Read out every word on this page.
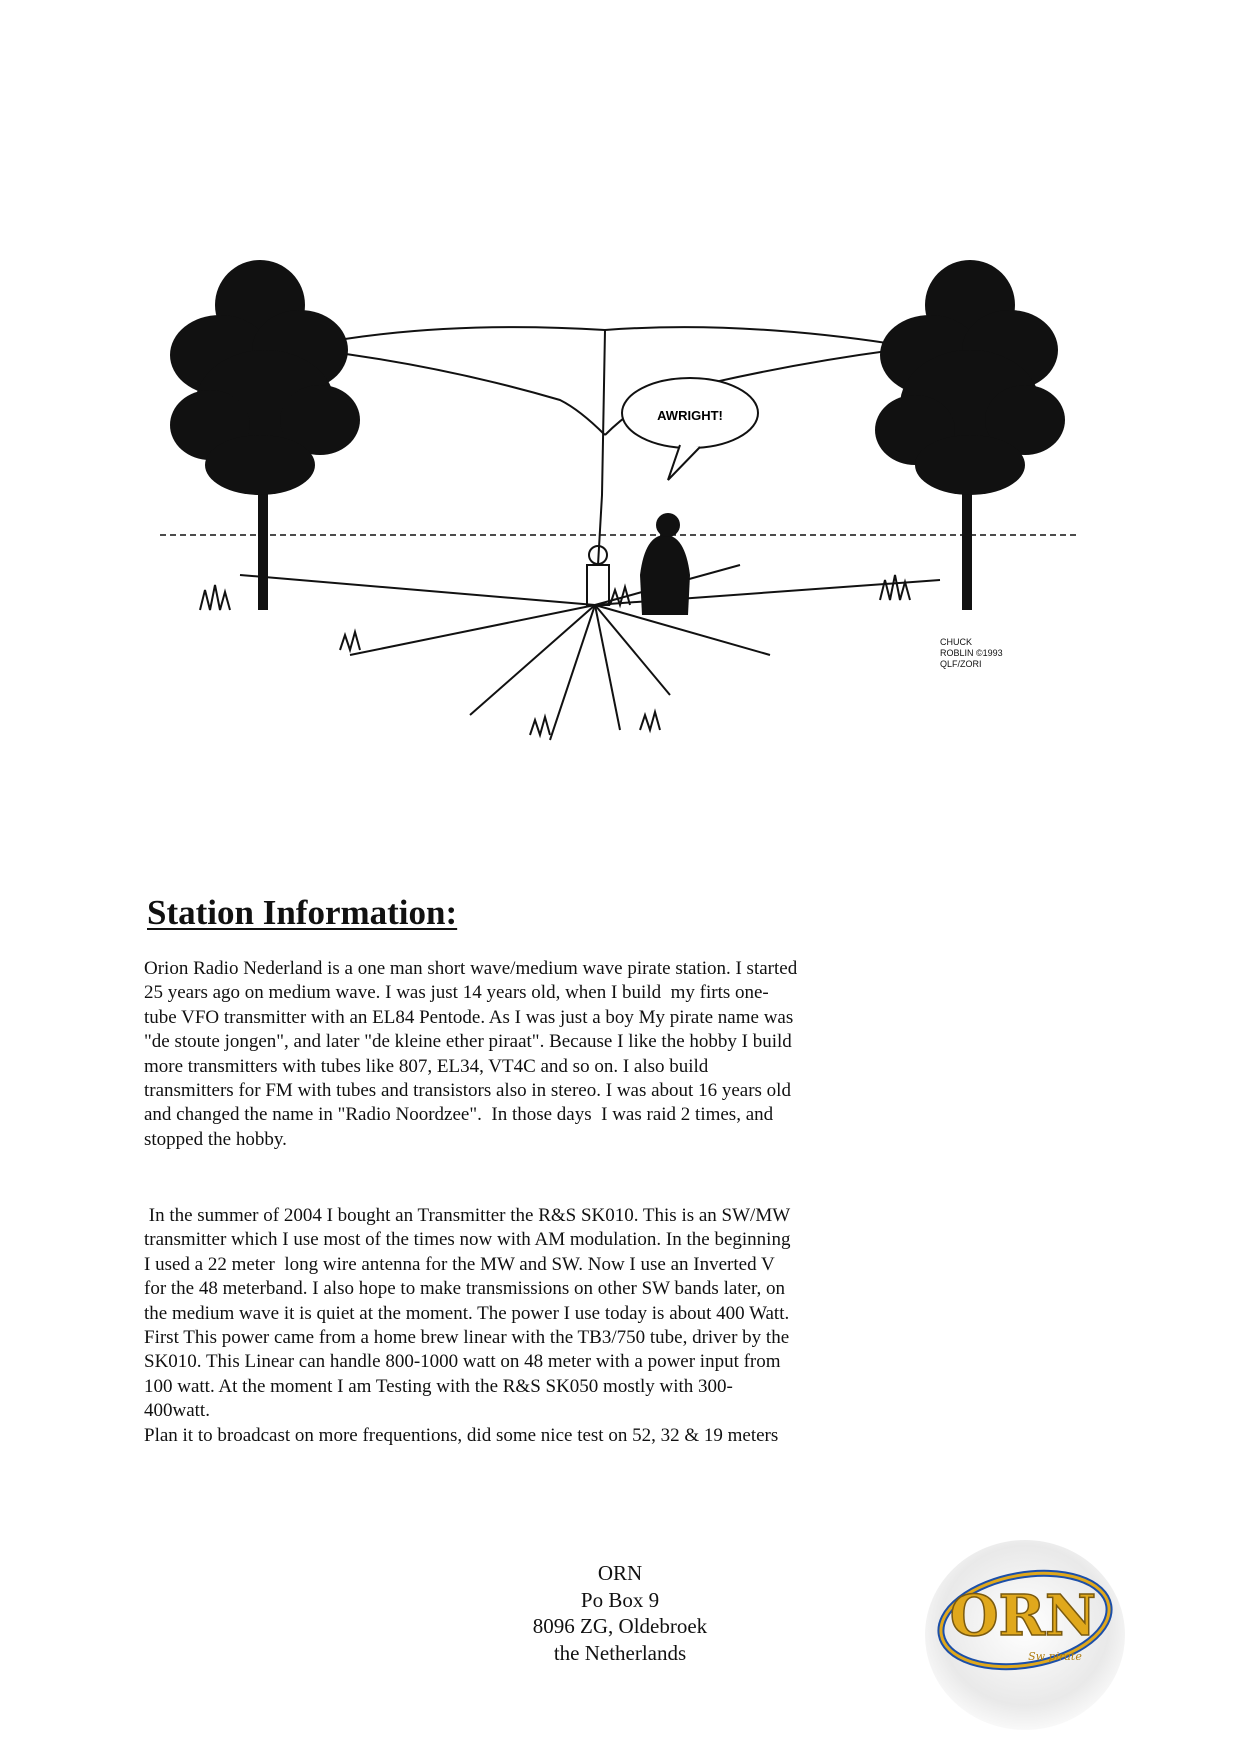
AWRIGHT!
CHUCK
ROBLIN ©1993
QLF/ZORI
Station Information:

Orion Radio Nederland is a one man short wave/medium wave pirate station. I started
25 years ago on medium wave. I was just 14 years old, when I build  my firts one-
tube VFO transmitter with an EL84 Pentode. As I was just a boy My pirate name was
"de stoute jongen", and later "de kleine ether piraat". Because I like the hobby I build
more transmitters with tubes like 807, EL34, VT4C and so on. I also build
transmitters for FM with tubes and transistors also in stereo. I was about 16 years old
and changed the name in "Radio Noordzee".  In those days  I was raid 2 times, and
stopped the hobby.

In the summer of 2004 I bought an Transmitter the R&S SK010. This is an SW/MW
transmitter which I use most of the times now with AM modulation. In the beginning
I used a 22 meter  long wire antenna for the MW and SW. Now I use an Inverted V
for the 48 meterband. I also hope to make transmissions on other SW bands later, on
the medium wave it is quiet at the moment. The power I use today is about 400 Watt.
First This power came from a home brew linear with the TB3/750 tube, driver by the
SK010. This Linear can handle 800-1000 watt on 48 meter with a power input from
100 watt. At the moment I am Testing with the R&S SK050 mostly with 300-
400watt.
Plan it to broadcast on more frequentions, did some nice test on 52, 32 & 19 meters

ORN
Po Box 9
8096 ZG, Oldebroek
the Netherlands
ORN
Sw pirate
